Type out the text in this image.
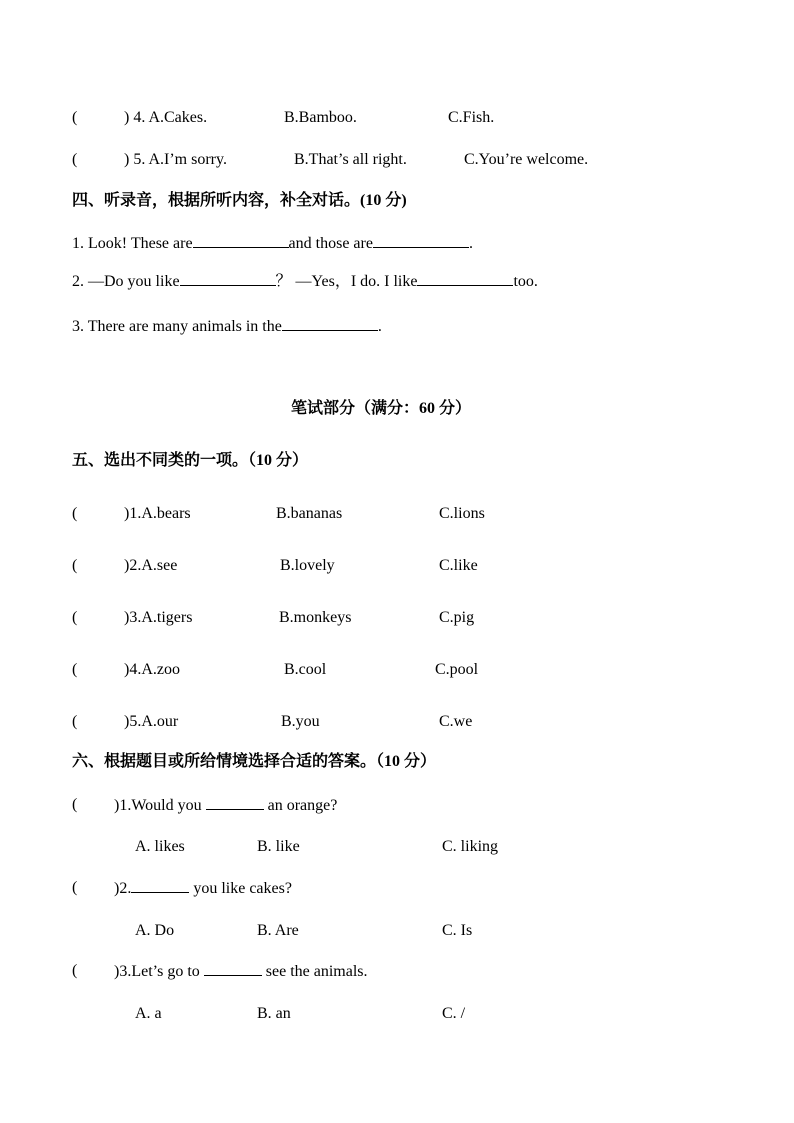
(	) 4. A.Cakes.	B.Bamboo.	C.Fish.
(	) 5. A.I’m sorry.	B.That’s all right.	C.You’re welcome.
四、听录音，根据所听内容，补全对话。(10 分)
1. Look! These are	and those are	.
2. —Do you like	？ —Yes，I do. I like	too.
3. There are many animals in the	.
笔试部分（满分：60 分）
五、选出不同类的一项。（10 分）
(	)1.A.bears	B.bananas	C.lions
(	)2.A.see	B.lovely	C.like
(	)3.A.tigers	B.monkeys	C.pig
(	)4.A.zoo	B.cool	C.pool
(	)5.A.our	B.you	C.we
六、根据题目或所给情境选择合适的答案。（10 分）
( )1.Would you	an orange?
A. likes	B. like	C. liking
( )2.	you like cakes?
A. Do	B. Are	C. Is
( )3.Let’s go to	see the animals.
A. a	B. an	C. /
